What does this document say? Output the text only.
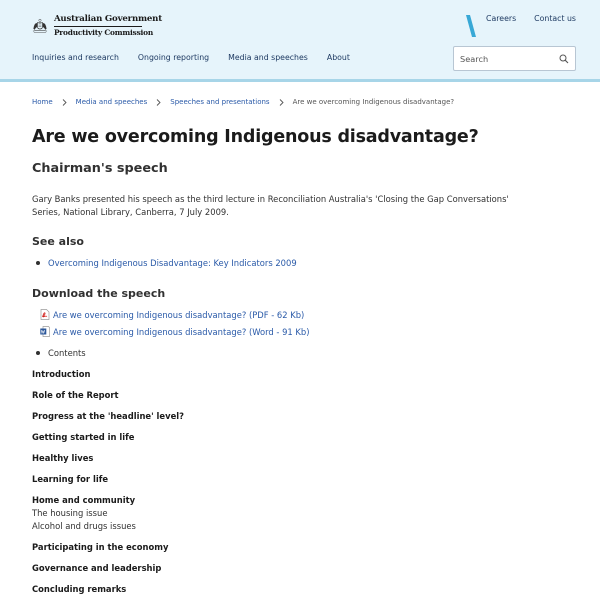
Australian Government
Productivity Commission
Careers Contact us
Inquiries and research Ongoing reporting Media and speeches About
Search
Home	Media and speeches	Speeches and presentations	Are we overcoming Indigenous disadvantage?
Are we overcoming Indigenous disadvantage?
Chairman's speech

Gary Banks presented his speech as the third lecture in Reconciliation Australia's 'Closing the Gap Conversations' Series, National Library, Canberra, 7 July 2009.

See also
Overcoming Indigenous Disadvantage: Key Indicators 2009
Download the speech
Are we overcoming Indigenous disadvantage? (PDF - 62 Kb)
Are we overcoming Indigenous disadvantage? (Word - 91 Kb)
Contents
Introduction
Role of the Report
Progress at the 'headline' level?
Getting started in life
Healthy lives
Learning for life
Home and community
The housing issue
Alcohol and drugs issues
Participating in the economy
Governance and leadership
Concluding remarks
